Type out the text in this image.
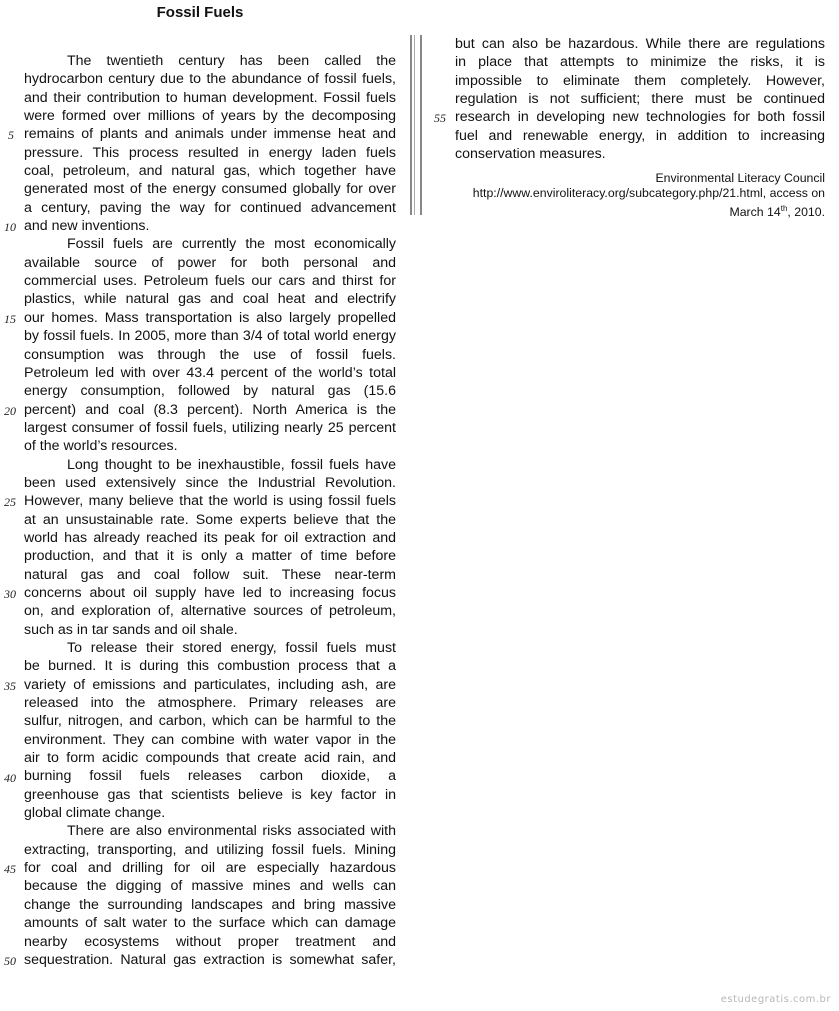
Fossil Fuels
The twentieth century has been called the
hydrocarbon century due to the abundance of fossil fuels,
and their contribution to human development. Fossil fuels
were formed over millions of years by the decomposing
remains of plants and animals under immense heat and
pressure. This process resulted in energy laden fuels
coal, petroleum, and natural gas, which together have
generated most of the energy consumed globally for over
a century, paving the way for continued advancement
and new inventions.
Fossil fuels are currently the most economically
available source of power for both personal and
commercial uses. Petroleum fuels our cars and thirst for
plastics, while natural gas and coal heat and electrify
our homes. Mass transportation is also largely propelled
by fossil fuels. In 2005, more than 3/4 of total world energy
consumption was through the use of fossil fuels.
Petroleum led with over 43.4 percent of the world’s total
energy consumption, followed by natural gas (15.6
percent) and coal (8.3 percent). North America is the
largest consumer of fossil fuels, utilizing nearly 25 percent
of the world’s resources.
Long thought to be inexhaustible, fossil fuels have
been used extensively since the Industrial Revolution.
However, many believe that the world is using fossil fuels
at an unsustainable rate. Some experts believe that the
world has already reached its peak for oil extraction and
production, and that it is only a matter of time before
natural gas and coal follow suit. These near-term
concerns about oil supply have led to increasing focus
on, and exploration of, alternative sources of petroleum,
such as in tar sands and oil shale.
To release their stored energy, fossil fuels must
be burned. It is during this combustion process that a
variety of emissions and particulates, including ash, are
released into the atmosphere. Primary releases are
sulfur, nitrogen, and carbon, which can be harmful to the
environment. They can combine with water vapor in the
air to form acidic compounds that create acid rain, and
burning fossil fuels releases carbon dioxide, a
greenhouse gas that scientists believe is key factor in
global climate change.
There are also environmental risks associated with
extracting, transporting, and utilizing fossil fuels. Mining
for coal and drilling for oil are especially hazardous
because the digging of massive mines and wells can
change the surrounding landscapes and bring massive
amounts of salt water to the surface which can damage
nearby ecosystems without proper treatment and
sequestration. Natural gas extraction is somewhat safer,
but can also be hazardous. While there are regulations
in place that attempts to minimize the risks, it is
impossible to eliminate them completely. However,
regulation is not sufficient; there must be continued
research in developing new technologies for both fossil
fuel and renewable energy, in addition to increasing
conservation measures.
5
10
15
20
25
30
35
40
45
50
55
Environmental Literacy Council
http://www.enviroliteracy.org/subcategory.php/21.html, access on
March 14th, 2010.
estudegratis.com.br
